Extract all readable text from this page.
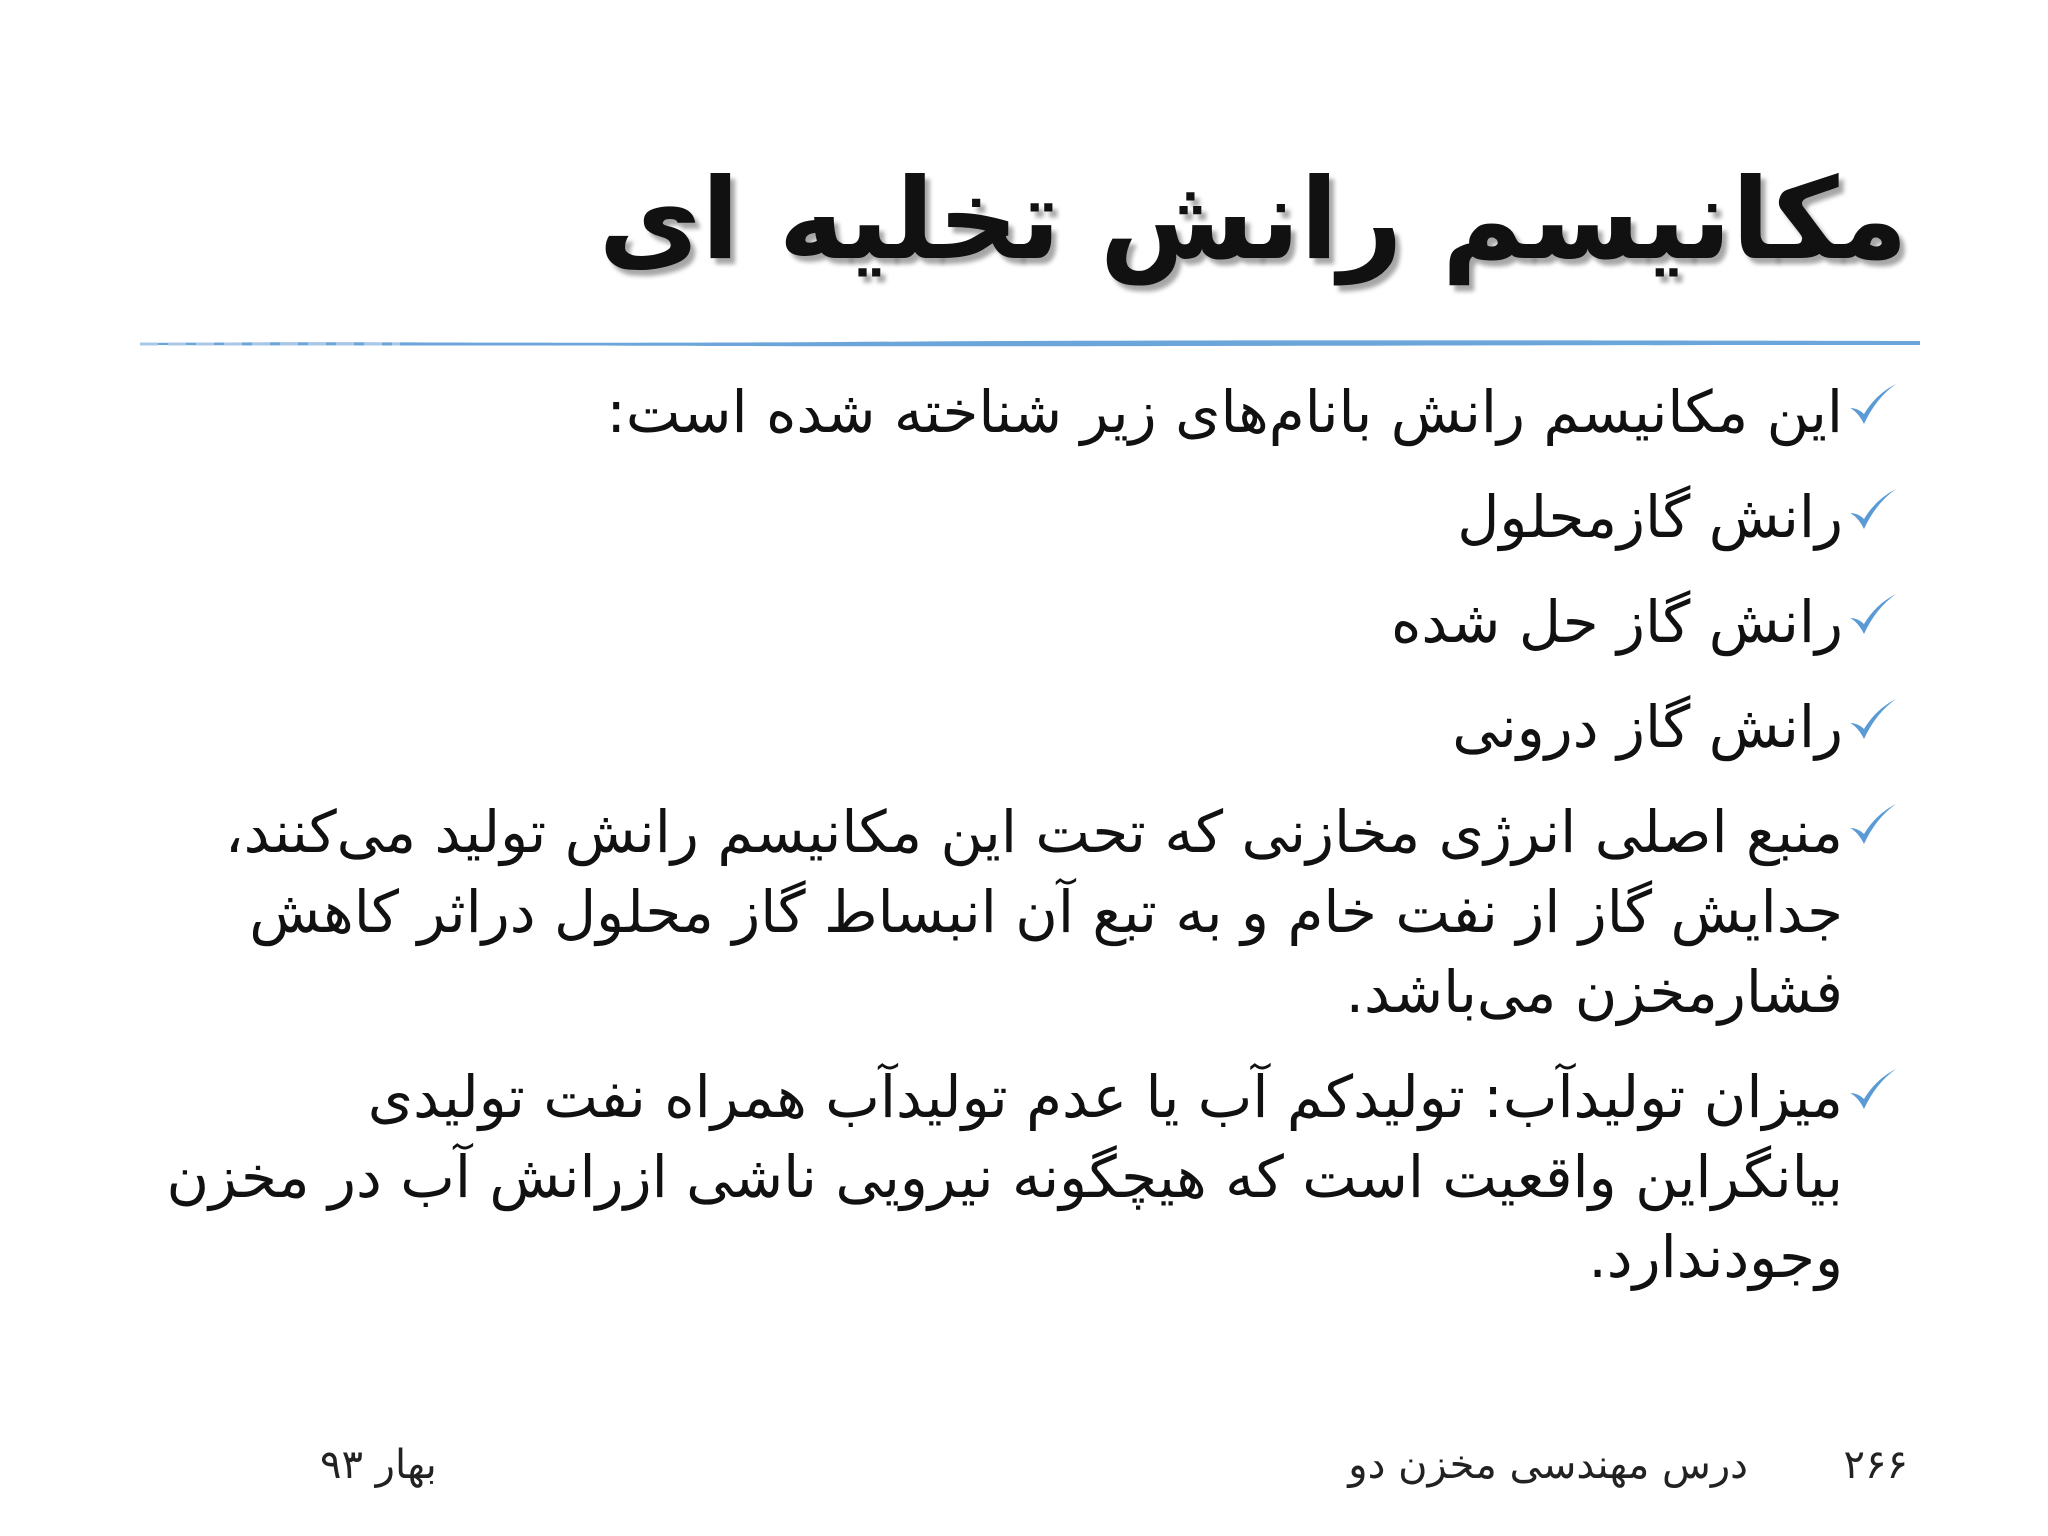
مکانیسم رانش تخلیه ای
این مکانیسم رانش بانام‌های زیر شناخته شده است:
رانش گازمحلول
رانش گاز حل شده
رانش گاز درونی
منبع اصلی انرژی مخازنی که تحت این مکانیسم رانش تولید می‌کنند، جدایش گاز از نفت خام و به تبع آن انبساط گاز محلول دراثر کاهش فشارمخزن می‌باشد.
میزان تولیدآب: تولیدکم آب یا عدم تولیدآب همراه نفت تولیدی بیانگراین واقعیت است که هیچگونه نیرویی ناشی ازرانش آب در مخزن وجودندارد.
۲۶۶
درس مهندسی مخزن دو
بهار ۹۳
